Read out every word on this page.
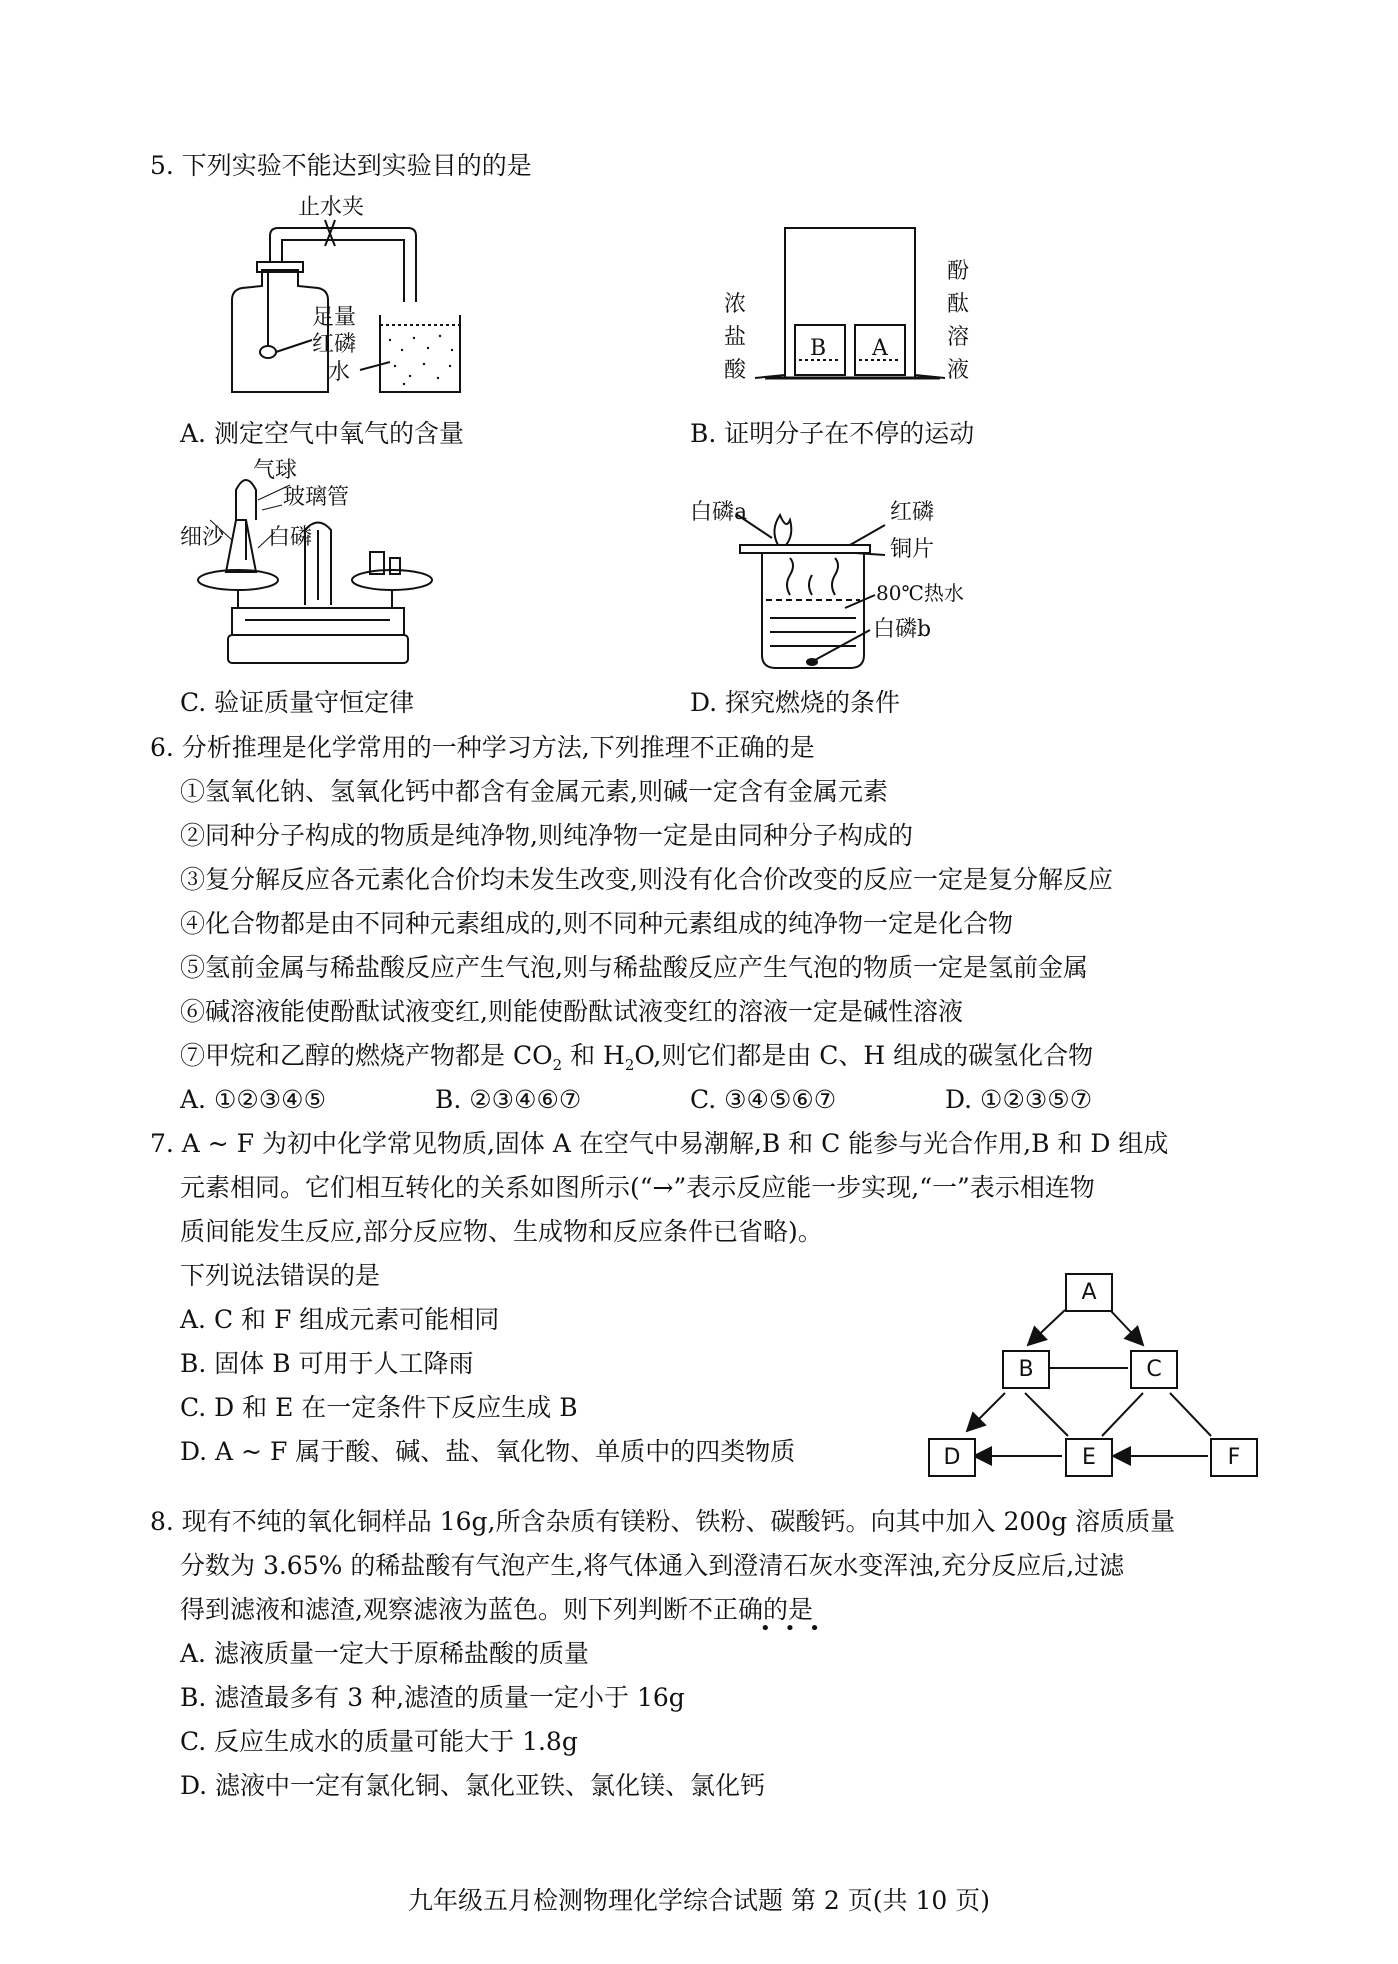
5. 下列实验不能达到实验目的的是
止水夹
足量
红磷
水
A. 测定空气中氧气的含量
B A
浓盐酸
酚酞溶液
B. 证明分子在不停的运动
气球
玻璃管
细沙 白磷
C. 验证质量守恒定律
白磷a	红磷
铜片
80℃热水
白磷b
D. 探究燃烧的条件
6. 分析推理是化学常用的一种学习方法,下列推理不正确的是
①氢氧化钠、氢氧化钙中都含有金属元素,则碱一定含有金属元素
②同种分子构成的物质是纯净物,则纯净物一定是由同种分子构成的
③复分解反应各元素化合价均未发生改变,则没有化合价改变的反应一定是复分解反应
④化合物都是由不同种元素组成的,则不同种元素组成的纯净物一定是化合物
⑤氢前金属与稀盐酸反应产生气泡,则与稀盐酸反应产生气泡的物质一定是氢前金属
⑥碱溶液能使酚酞试液变红,则能使酚酞试液变红的溶液一定是碱性溶液
⑦甲烷和乙醇的燃烧产物都是 $CO_2$ 和 $H_2O$,则它们都是由 C、H 组成的碳氢化合物
A. ①②③④⑤	B. ②③④⑥⑦	C. ③④⑤⑥⑦	D. ①②③⑤⑦
7. A ~ F 为初中化学常见物质,固体 A 在空气中易潮解,B 和 C 能参与光合作用,B 和 D 组成
元素相同。它们相互转化的关系如图所示(“→”表示反应能一步实现,“一”表示相连物
质间能发生反应,部分反应物、生成物和反应条件已省略)。
下列说法错误的是
A. C 和 F 组成元素可能相同
B. 固体 B 可用于人工降雨
C. D 和 E 在一定条件下反应生成 B
D. A ~ F 属于酸、碱、盐、氧化物、单质中的四类物质
A
B	C
D	E	F
8. 现有不纯的氧化铜样品 16g,所含杂质有镁粉、铁粉、碳酸钙。向其中加入 200g 溶质质量
分数为 3.65% 的稀盐酸有气泡产生,将气体通入到澄清石灰水变浑浊,充分反应后,过滤
得到滤液和滤渣,观察滤液为蓝色。则下列判断不正确的是
•••
A. 滤液质量一定大于原稀盐酸的质量
B. 滤渣最多有 3 种,滤渣的质量一定小于 16g
C. 反应生成水的质量可能大于 1.8g
D. 滤液中一定有氯化铜、氯化亚铁、氯化镁、氯化钙
九年级五月检测物理化学综合试题 第 2 页(共 10 页)
